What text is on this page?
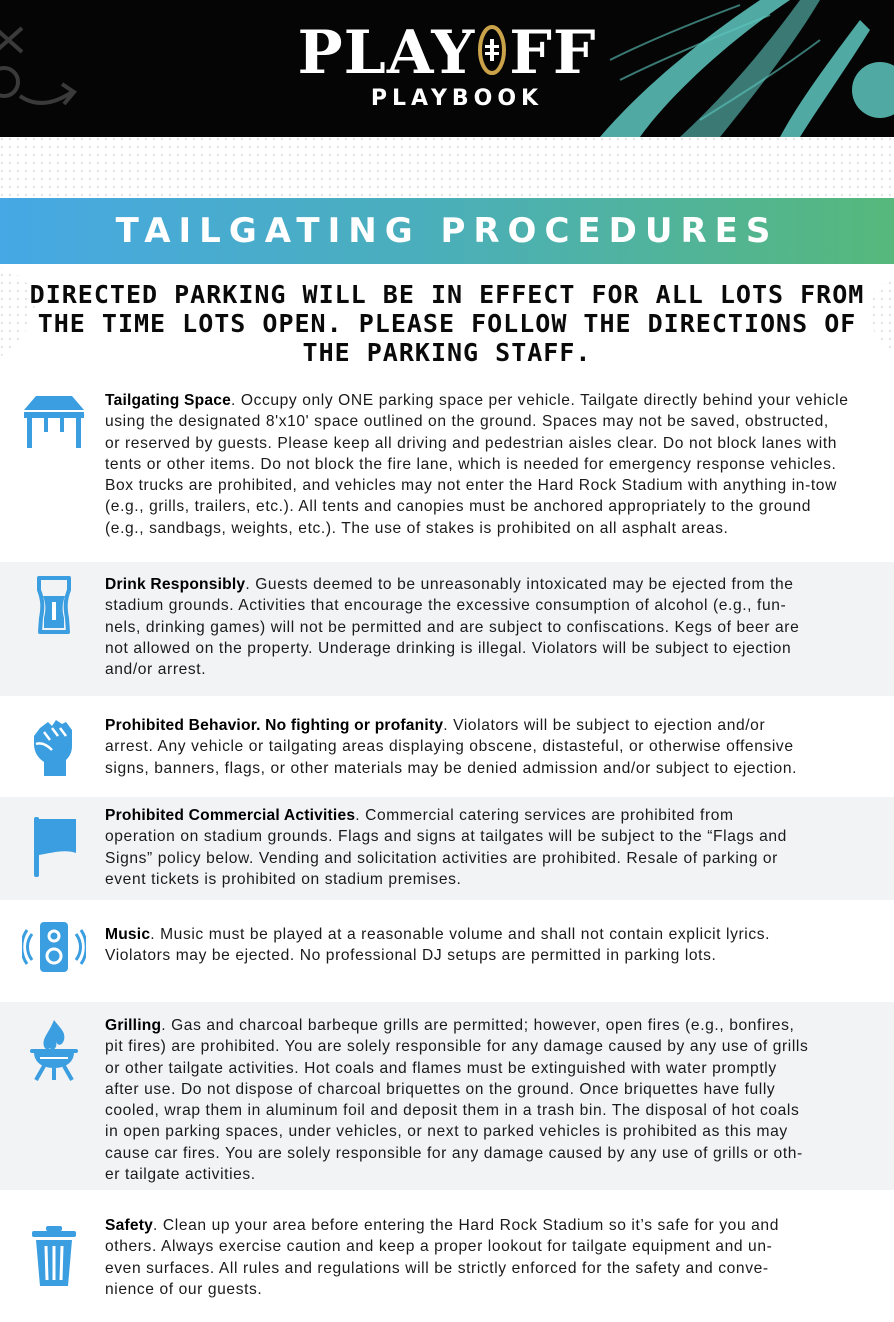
PLAY FF
PLAYBOOK
TAILGATING PROCEDURES
DIRECTED PARKING WILL BE IN EFFECT FOR ALL LOTS FROM
THE TIME LOTS OPEN. PLEASE FOLLOW THE DIRECTIONS OF
THE PARKING STAFF.
Tailgating Space. Occupy only ONE parking space per vehicle. Tailgate directly behind your vehicle
using the designated 8'x10' space outlined on the ground. Spaces may not be saved, obstructed,
or reserved by guests. Please keep all driving and pedestrian aisles clear. Do not block lanes with
tents or other items. Do not block the fire lane, which is needed for emergency response vehicles.
Box trucks are prohibited, and vehicles may not enter the Hard Rock Stadium with anything in-tow
(e.g., grills, trailers, etc.). All tents and canopies must be anchored appropriately to the ground
(e.g., sandbags, weights, etc.). The use of stakes is prohibited on all asphalt areas.
Drink Responsibly. Guests deemed to be unreasonably intoxicated may be ejected from the
stadium grounds. Activities that encourage the excessive consumption of alcohol (e.g., fun-
nels, drinking games) will not be permitted and are subject to confiscations. Kegs of beer are
not allowed on the property. Underage drinking is illegal. Violators will be subject to ejection
and/or arrest.
Prohibited Behavior. No fighting or profanity. Violators will be subject to ejection and/or
arrest. Any vehicle or tailgating areas displaying obscene, distasteful, or otherwise offensive
signs, banners, flags, or other materials may be denied admission and/or subject to ejection.
Prohibited Commercial Activities. Commercial catering services are prohibited from
operation on stadium grounds. Flags and signs at tailgates will be subject to the “Flags and
Signs” policy below. Vending and solicitation activities are prohibited. Resale of parking or
event tickets is prohibited on stadium premises.
Music. Music must be played at a reasonable volume and shall not contain explicit lyrics.
Violators may be ejected. No professional DJ setups are permitted in parking lots.
Grilling. Gas and charcoal barbeque grills are permitted; however, open fires (e.g., bonfires,
pit fires) are prohibited. You are solely responsible for any damage caused by any use of grills
or other tailgate activities. Hot coals and flames must be extinguished with water promptly
after use. Do not dispose of charcoal briquettes on the ground. Once briquettes have fully
cooled, wrap them in aluminum foil and deposit them in a trash bin. The disposal of hot coals
in open parking spaces, under vehicles, or next to parked vehicles is prohibited as this may
cause car fires. You are solely responsible for any damage caused by any use of grills or oth-
er tailgate activities.
Safety. Clean up your area before entering the Hard Rock Stadium so it’s safe for you and
others. Always exercise caution and keep a proper lookout for tailgate equipment and un-
even surfaces. All rules and regulations will be strictly enforced for the safety and conve-
nience of our guests.
